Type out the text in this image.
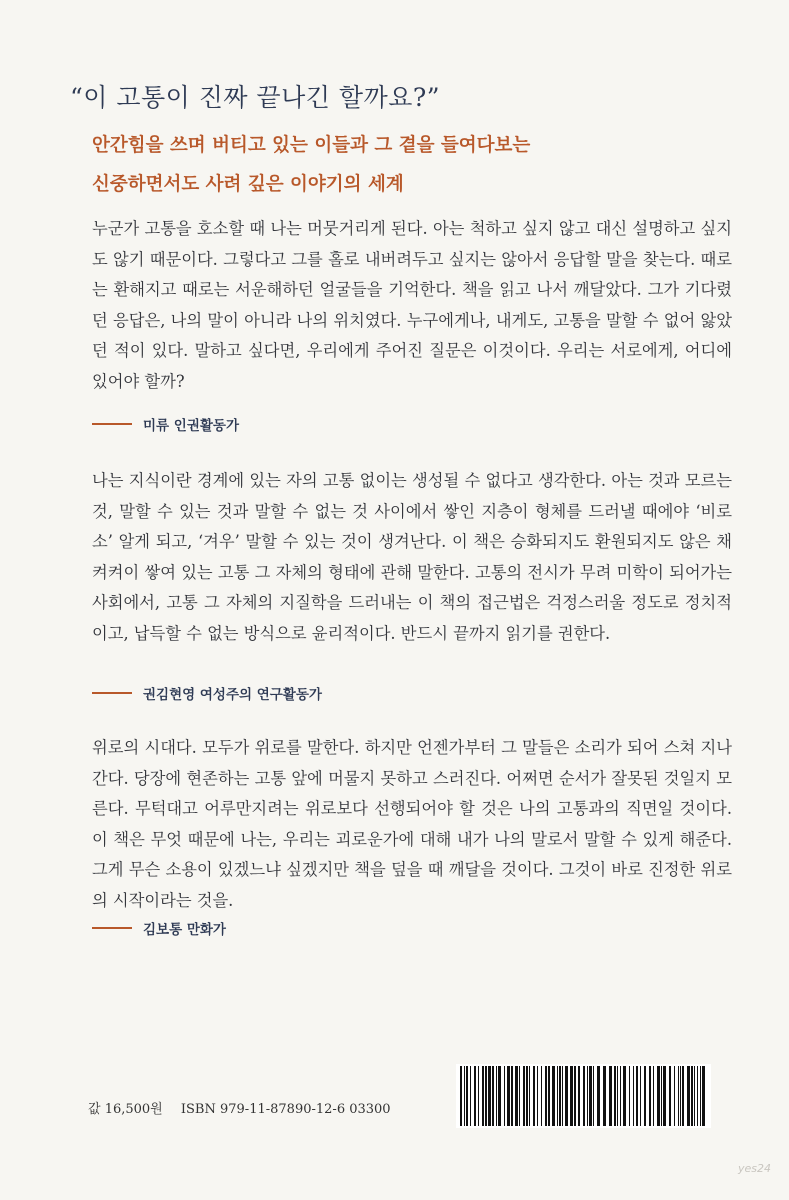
“이 고통이 진짜 끝나긴 할까요?”
안간힘을 쓰며 버티고 있는 이들과 그 곁을 들여다보는
신중하면서도 사려 깊은 이야기의 세계
누군가 고통을 호소할 때 나는 머뭇거리게 된다. 아는 척하고 싶지 않고 대신 설명하고 싶지도 않기 때문이다. 그렇다고 그를 홀로 내버려두고 싶지는 않아서 응답할 말을 찾는다. 때로는 환해지고 때로는 서운해하던 얼굴들을 기억한다. 책을 읽고 나서 깨달았다. 그가 기다렸던 응답은, 나의 말이 아니라 나의 위치였다. 누구에게나, 내게도, 고통을 말할 수 없어 앓았던 적이 있다. 말하고 싶다면, 우리에게 주어진 질문은 이것이다. 우리는 서로에게, 어디에 있어야 할까?
미류 인권활동가
나는 지식이란 경계에 있는 자의 고통 없이는 생성될 수 없다고 생각한다. 아는 것과 모르는 것, 말할 수 있는 것과 말할 수 없는 것 사이에서 쌓인 지층이 형체를 드러낼 때에야 ‘비로소’ 알게 되고, ‘겨우’ 말할 수 있는 것이 생겨난다. 이 책은 승화되지도 환원되지도 않은 채 켜켜이 쌓여 있는 고통 그 자체의 형태에 관해 말한다. 고통의 전시가 무려 미학이 되어가는 사회에서, 고통 그 자체의 지질학을 드러내는 이 책의 접근법은 걱정스러울 정도로 정치적이고, 납득할 수 없는 방식으로 윤리적이다. 반드시 끝까지 읽기를 권한다.
권김현영 여성주의 연구활동가
위로의 시대다. 모두가 위로를 말한다. 하지만 언젠가부터 그 말들은 소리가 되어 스쳐 지나간다. 당장에 현존하는 고통 앞에 머물지 못하고 스러진다. 어쩌면 순서가 잘못된 것일지 모른다. 무턱대고 어루만지려는 위로보다 선행되어야 할 것은 나의 고통과의 직면일 것이다. 이 책은 무엇 때문에 나는, 우리는 괴로운가에 대해 내가 나의 말로서 말할 수 있게 해준다. 그게 무슨 소용이 있겠느냐 싶겠지만 책을 덮을 때 깨달을 것이다. 그것이 바로 진정한 위로의 시작이라는 것을.
김보통 만화가
값 16,500원 ISBN 979-11-87890-12-6 03300
yes24
